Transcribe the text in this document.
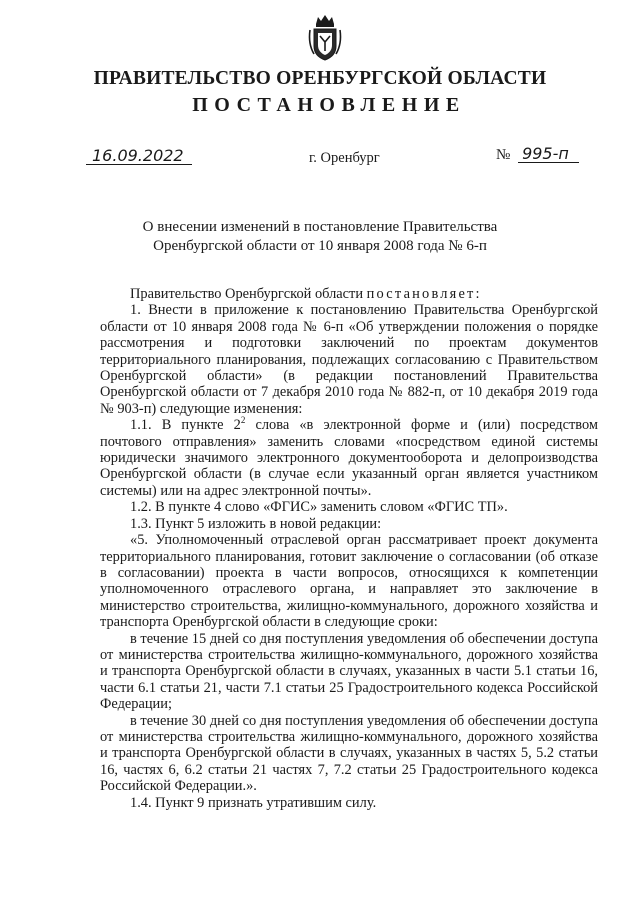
ПРАВИТЕЛЬСТВО ОРЕНБУРГСКОЙ ОБЛАСТИ
ПОСТАНОВЛЕНИЕ
16.09.2022	г. Оренбург	№ 995-п
О внесении изменений в постановление Правительства
Оренбургской области от 10 января 2008 года № 6-п

Правительство Оренбургской области постановляет:

1. Внести в приложение к постановлению Правительства Оренбургской области от 10 января 2008 года № 6-п «Об утверждении положения о порядке рассмотрения и подготовки заключений по проектам документов территориального планирования, подлежащих согласованию с Правительством Оренбургской области» (в редакции постановлений Правительства Оренбургской области от 7 декабря 2010 года № 882-п, от 10 декабря 2019 года № 903-п) следующие изменения:

1.1. В пункте $2^2$ слова «в электронной форме и (или) посредством почтового отправления» заменить словами «посредством единой системы юридически значимого электронного документооборота и делопроизводства Оренбургской области (в случае если указанный орган является участником системы) или на адрес электронной почты».

1.2. В пункте 4 слово «ФГИС» заменить словом «ФГИС ТП».

1.3. Пункт 5 изложить в новой редакции:

«5. Уполномоченный отраслевой орган рассматривает проект документа территориального планирования, готовит заключение о согласовании (об отказе в согласовании) проекта в части вопросов, относящихся к компетенции уполномоченного отраслевого органа, и направляет это заключение в министерство строительства, жилищно-коммунального, дорожного хозяйства и транспорта Оренбургской области в следующие сроки:

в течение 15 дней со дня поступления уведомления об обеспечении доступа от министерства строительства жилищно-коммунального, дорожного хозяйства и транспорта Оренбургской области в случаях, указанных в части 5.1 статьи 16, части 6.1 статьи 21, части 7.1 статьи 25 Градостроительного кодекса Российской Федерации;

в течение 30 дней со дня поступления уведомления об обеспечении доступа от министерства строительства жилищно-коммунального, дорожного хозяйства и транспорта Оренбургской области в случаях, указанных в частях 5, 5.2 статьи 16, частях 6, 6.2 статьи 21 частях 7, 7.2 статьи 25 Градостроительного кодекса Российской Федерации.».

1.4. Пункт 9 признать утратившим силу.
